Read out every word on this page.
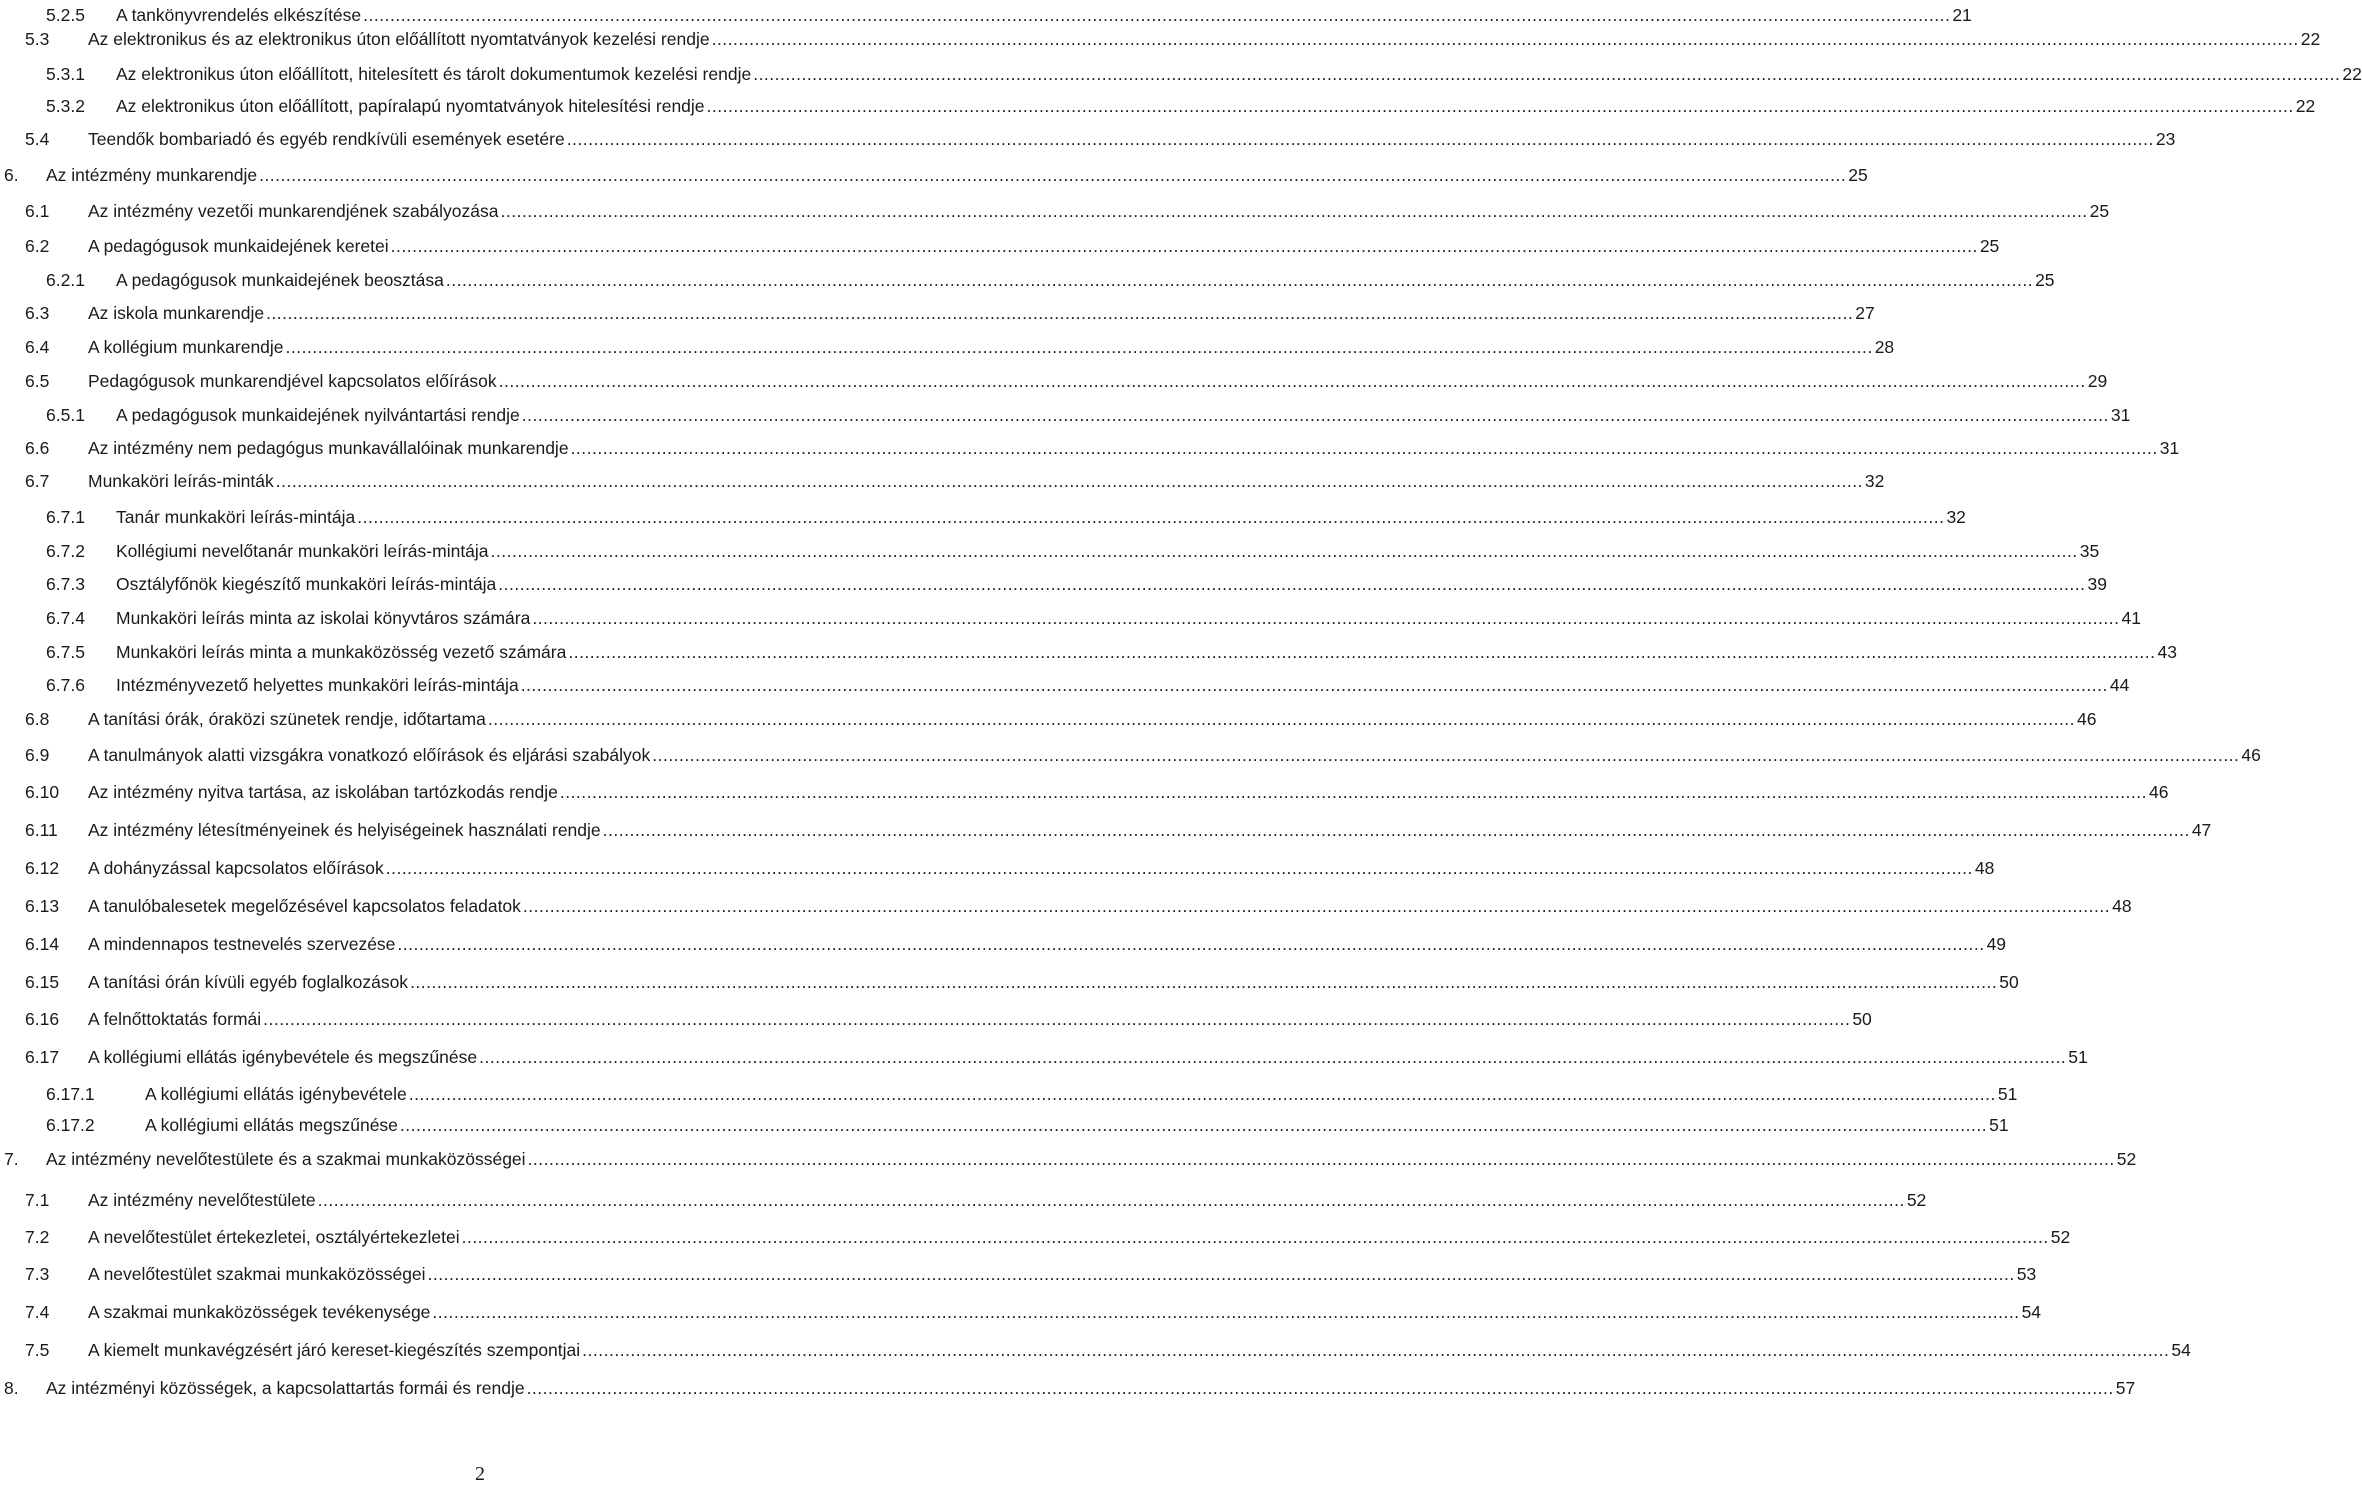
5.2.5	A tankönyvrendelés elkészítése .....	21
5.3	Az elektronikus és az elektronikus úton előállított nyomtatványok kezelési rendje .....	22
5.3.1	Az elektronikus úton előállított, hitelesített és tárolt dokumentumok kezelési rendje .....	22
5.3.2	Az elektronikus úton előállított, papíralapú nyomtatványok hitelesítési rendje .....	22
5.4	Teendők bombariadó és egyéb rendkívüli események esetére .....	23
6.	Az intézmény munkarendje .....	25
6.1	Az intézmény vezetői munkarendjének szabályozása .....	25
6.2	A pedagógusok munkaidejének keretei .....	25
6.2.1	A pedagógusok munkaidejének beosztása .....	25
6.3	Az iskola munkarendje .....	27
6.4	A kollégium munkarendje .....	28
6.5	Pedagógusok munkarendjével kapcsolatos előírások .....	29
6.5.1	A pedagógusok munkaidejének nyilvántartási rendje .....	31
6.6	Az intézmény nem pedagógus munkavállalóinak munkarendje .....	31
6.7	Munkaköri leírás-minták .....	32
6.7.1	Tanár munkaköri leírás-mintája .....	32
6.7.2	Kollégiumi nevelőtanár munkaköri leírás-mintája .....	35
6.7.3	Osztályfőnök kiegészítő munkaköri leírás-mintája .....	39
6.7.4	Munkaköri leírás minta az iskolai könyvtáros számára .....	41
6.7.5	Munkaköri leírás minta a munkaközösség vezető számára .....	43
6.7.6	Intézményvezető helyettes munkaköri leírás-mintája .....	44
6.8	A tanítási órák, óraközi szünetek rendje, időtartama .....	46
6.9	A tanulmányok alatti vizsgákra vonatkozó előírások és eljárási szabályok .....	46
6.10	Az intézmény nyitva tartása, az iskolában tartózkodás rendje .....	46
6.11	Az intézmény létesítményeinek és helyiségeinek használati rendje .....	47
6.12	A dohányzással kapcsolatos előírások .....	48
6.13	A tanulóbalesetek megelőzésével kapcsolatos feladatok .....	48
6.14	A mindennapos testnevelés szervezése .....	49
6.15	A tanítási órán kívüli egyéb foglalkozások .....	50
6.16	A felnőttoktatás formái .....	50
6.17	A kollégiumi ellátás igénybevétele és megszűnése .....	51
6.17.1	A kollégiumi ellátás igénybevétele .....	51
6.17.2	A kollégiumi ellátás megszűnése .....	51
7.	Az intézmény nevelőtestülete és a szakmai munkaközösségei .....	52
7.1	Az intézmény nevelőtestülete .....	52
7.2	A nevelőtestület értekezletei, osztályértekezletei .....	52
7.3	A nevelőtestület szakmai munkaközösségei .....	53
7.4	A szakmai munkaközösségek tevékenysége .....	54
7.5	A kiemelt munkavégzésért járó kereset-kiegészítés szempontjai .....	54
8.	Az intézményi közösségek, a kapcsolattartás formái és rendje .....	57
2
